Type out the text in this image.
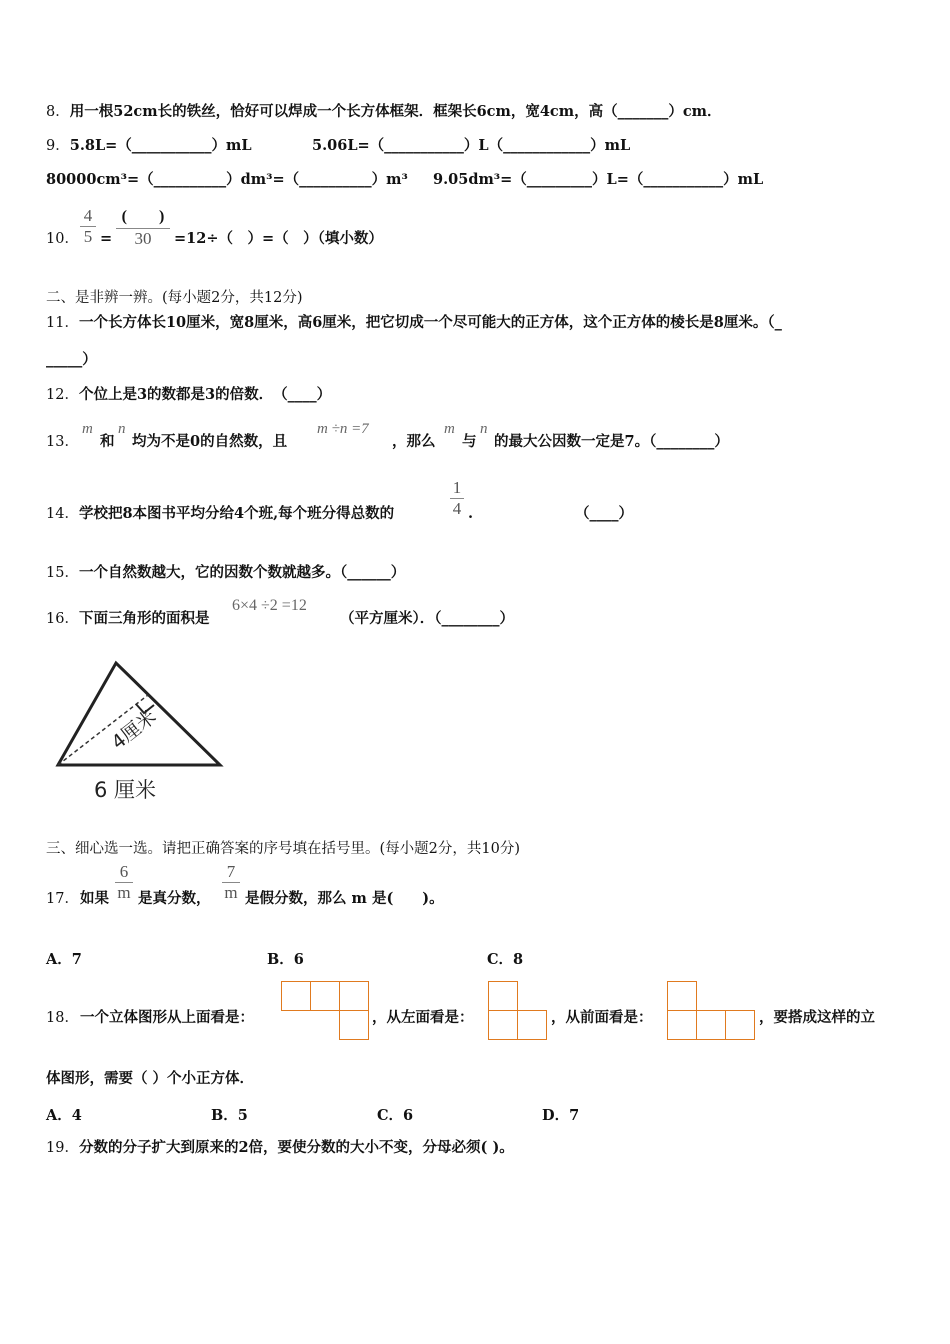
8．用一根52cm长的铁丝，恰好可以焊成一个长方体框架．框架长6cm，宽4cm，高（_______）cm．
9．5.8L=（___________）mL	5.06L=（___________）L（____________）mL
80000cm³=（__________）dm³=（__________）m³ 9.05dm³=（_________）L=（___________）mL
10． $\frac{4}{5}$ =
(　　)
30	=12÷（　）=（　）（填小数）
二、是非辨一辨。(每小题2分，共12分)
11．一个长方体长10厘米，宽8厘米，高6厘米，把它切成一个尽可能大的正方体，这个正方体的棱长是8厘米。（_
_____）
12．个位上是3的数都是3的倍数．　（____）
13．
m
和
n
均为不是0的自然数，且
m ÷n =7
，那么
m
与
n
的最大公因数一定是7。（________）
14．学校把8本图书平均分给4个班,每个班分得总数的	$\frac{1}{4}$ .	（____）
15．一个自然数越大，它的因数个数就越多。（______）
16．下面三角形的面积是
6×4 ÷2 =12
（平方厘米）．（________）
4厘米
6 厘米
三、细心选一选。请把正确答案的序号填在括号里。(每小题2分，共10分)
17． 如果 $\frac{6}{m}$ 是真分数， $\frac{7}{m}$ 是假分数，那么 m 是(　　)。
A．7	B．6	C．8
18． 一个立体图形从上面看是：	，从左面看是：	，从前面看是：	，要搭成这样的立
体图形，需要（ ）个小正方体．
A．4	B．5	C．6	D．7
19．分数的分子扩大到原来的2倍，要使分数的大小不变，分母必须( )。
